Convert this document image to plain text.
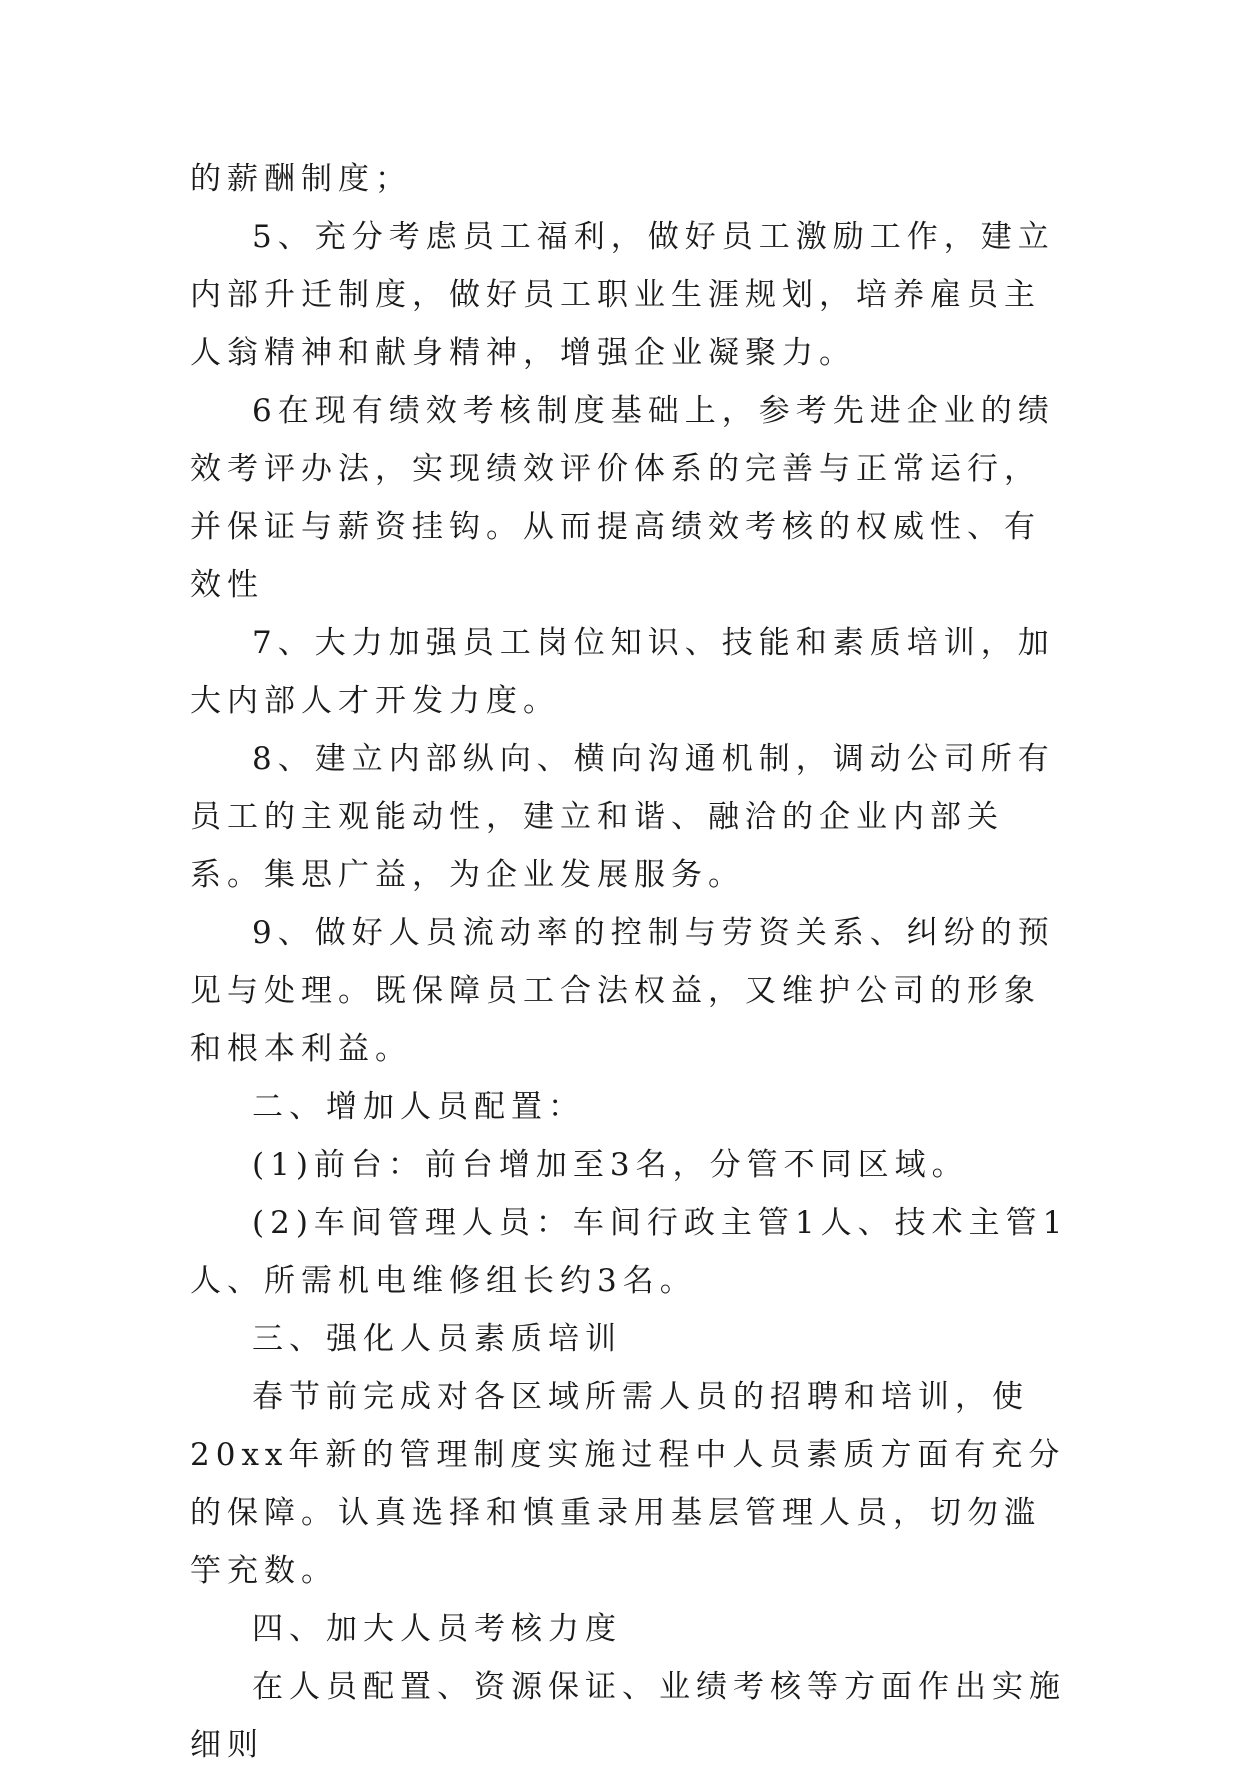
的薪酬制度；

5、充分考虑员工福利，做好员工激励工作，建立内部升迁制度，做好员工职业生涯规划，培养雇员主人翁精神和献身精神，增强企业凝聚力。

6在现有绩效考核制度基础上，参考先进企业的绩效考评办法，实现绩效评价体系的完善与正常运行，并保证与薪资挂钩。从而提高绩效考核的权威性、有效性

7、大力加强员工岗位知识、技能和素质培训，加大内部人才开发力度。

8、建立内部纵向、横向沟通机制，调动公司所有员工的主观能动性，建立和谐、融洽的企业内部关系。集思广益，为企业发展服务。

9、做好人员流动率的控制与劳资关系、纠纷的预见与处理。既保障员工合法权益，又维护公司的形象和根本利益。

二、增加人员配置：

(1)前台：前台增加至3名，分管不同区域。

(2)车间管理人员：车间行政主管1人、技术主管1人、所需机电维修组长约3名。

三、强化人员素质培训

春节前完成对各区域所需人员的招聘和培训，使20xx年新的管理制度实施过程中人员素质方面有充分的保障。认真选择和慎重录用基层管理人员，切勿滥竽充数。

四、加大人员考核力度

在人员配置、资源保证、业绩考核等方面作出实施细则
